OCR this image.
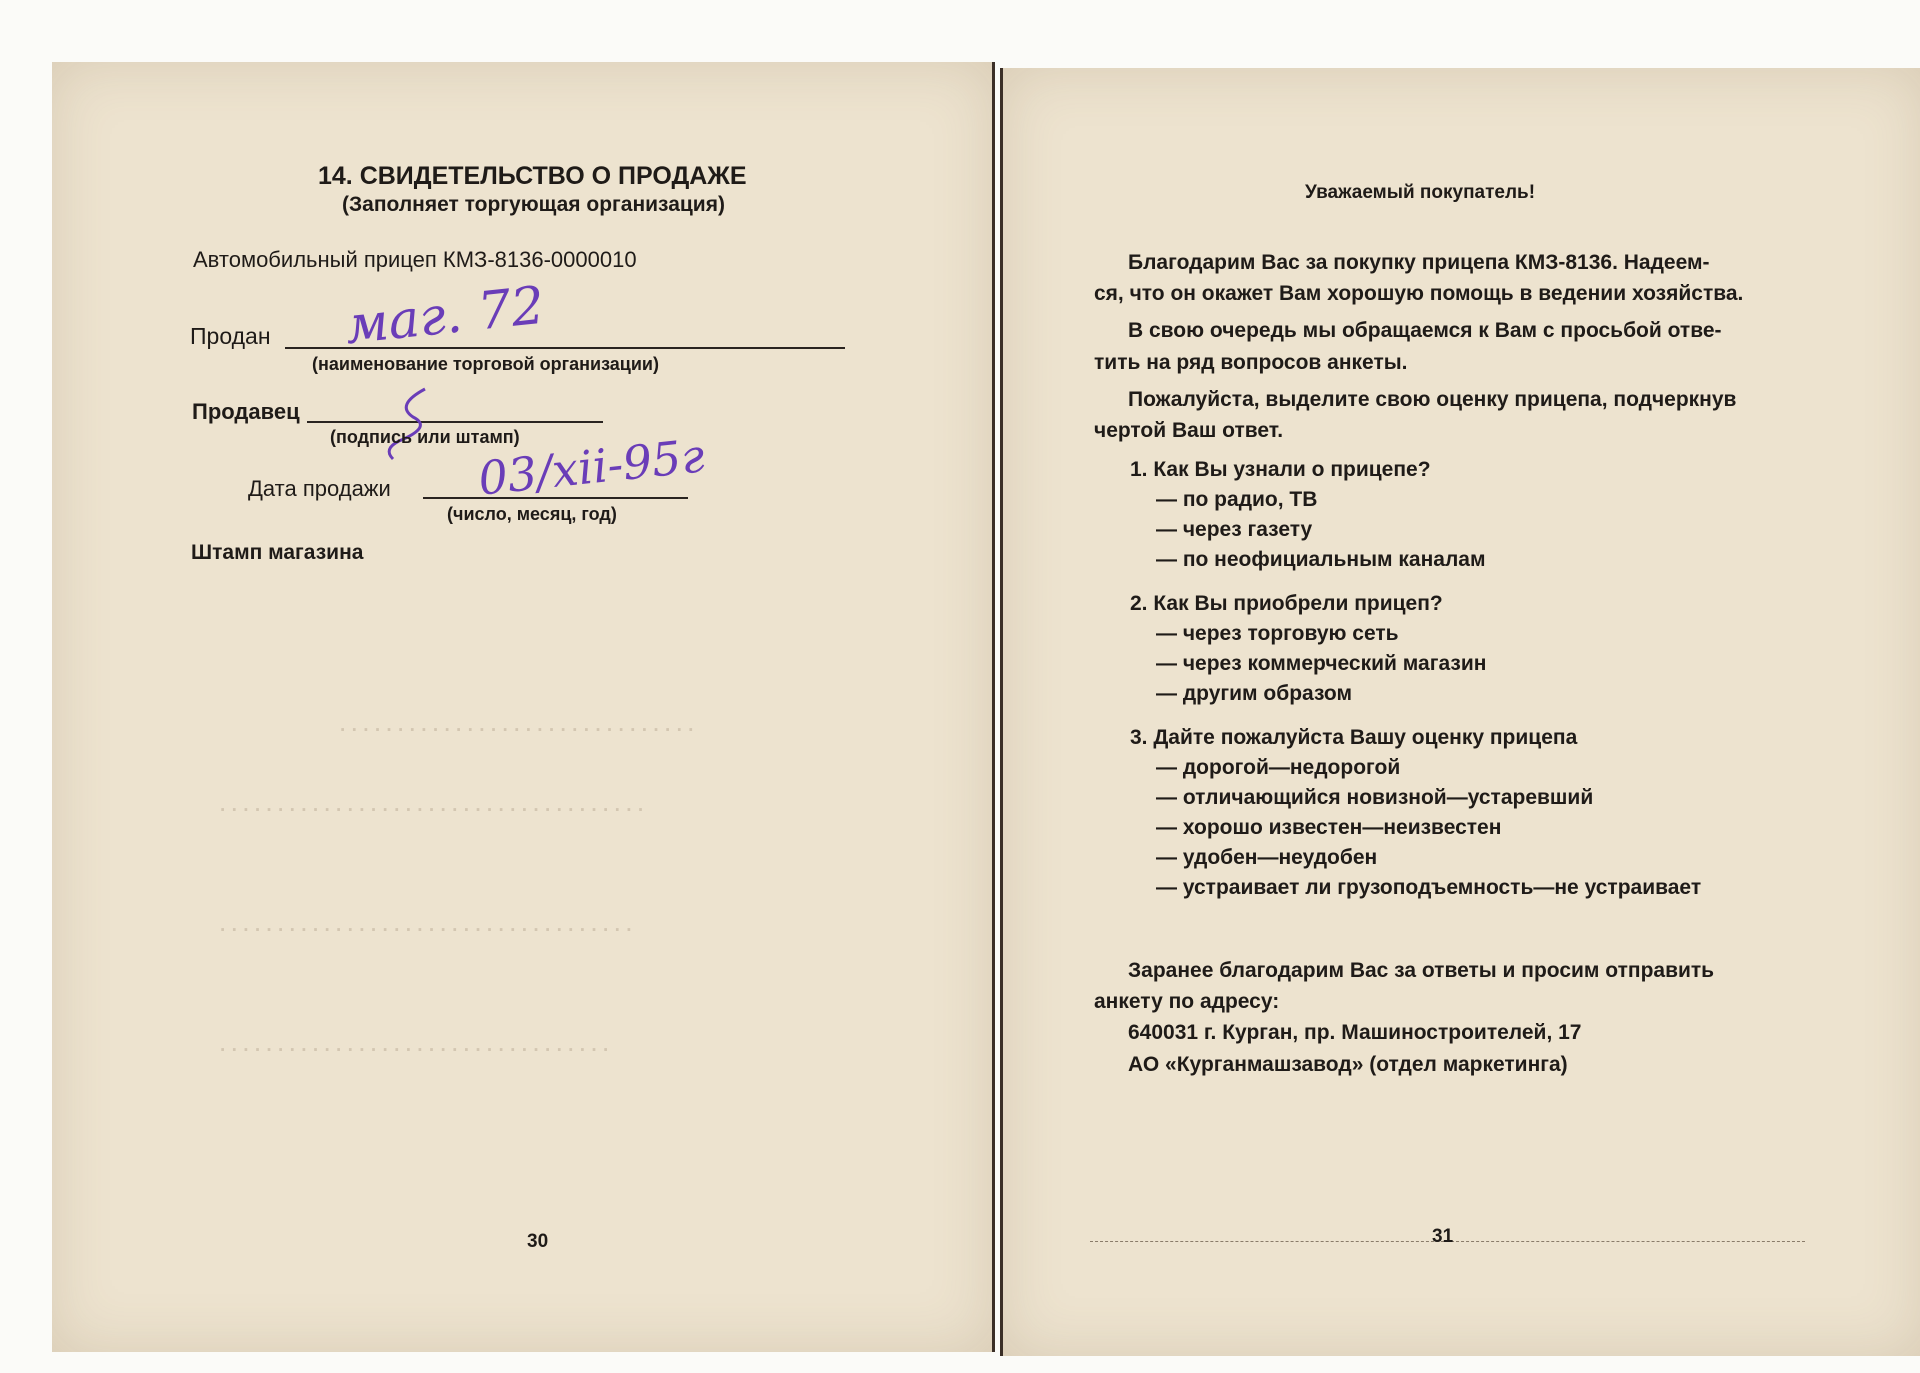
· · · · · · · · · · · · · · · · · · · · · · · · · · · · · · ·
· · · · · · · · · · · · · · · · · · · · · · · · · · · · · · · · · · · · ·
· · · · · · · · · · · · · · · · · · · · · · · · · · · · · · · · · · · ·
· · · · · · · · · · · · · · · · · · · · · · · · · · · · · · · · · ·

14. СВИДЕТЕЛЬСТВО О ПРОДАЖЕ

(Заполняет торгующая организация)

Автомобильный прицеп КМЗ-8136-0000010

Продан маг. 72

(наименование торговой организации)

Продавец

(подпись или штамп)

Дата продажи 03/xii-95г

(число, месяц, год)

Штамп магазина

30

Уважаемый покупатель!

Благодарим Вас за покупку прицепа КМЗ-8136. Надеем-

ся, что он окажет Вам хорошую помощь в ведении хозяйства.

В свою очередь мы обращаемся к Вам с просьбой отве-

тить на ряд вопросов анкеты.

Пожалуйста, выделите свою оценку прицепа, подчеркнув

чертой Ваш ответ.

1. Как Вы узнали о прицепе?

— по радио, ТВ

— через газету

— по неофициальным каналам

2. Как Вы приобрели прицеп?

— через торговую сеть

— через коммерческий магазин

— другим образом

3. Дайте пожалуйста Вашу оценку прицепа

— дорогой—недорогой

— отличающийся новизной—устаревший

— хорошо известен—неизвестен

— удобен—неудобен

— устраивает ли грузоподъемность—не устраивает

Заранее благодарим Вас за ответы и просим отправить

анкету по адресу:

640031 г. Курган, пр. Машиностроителей, 17

АО «Курганмашзавод» (отдел маркетинга)

31
